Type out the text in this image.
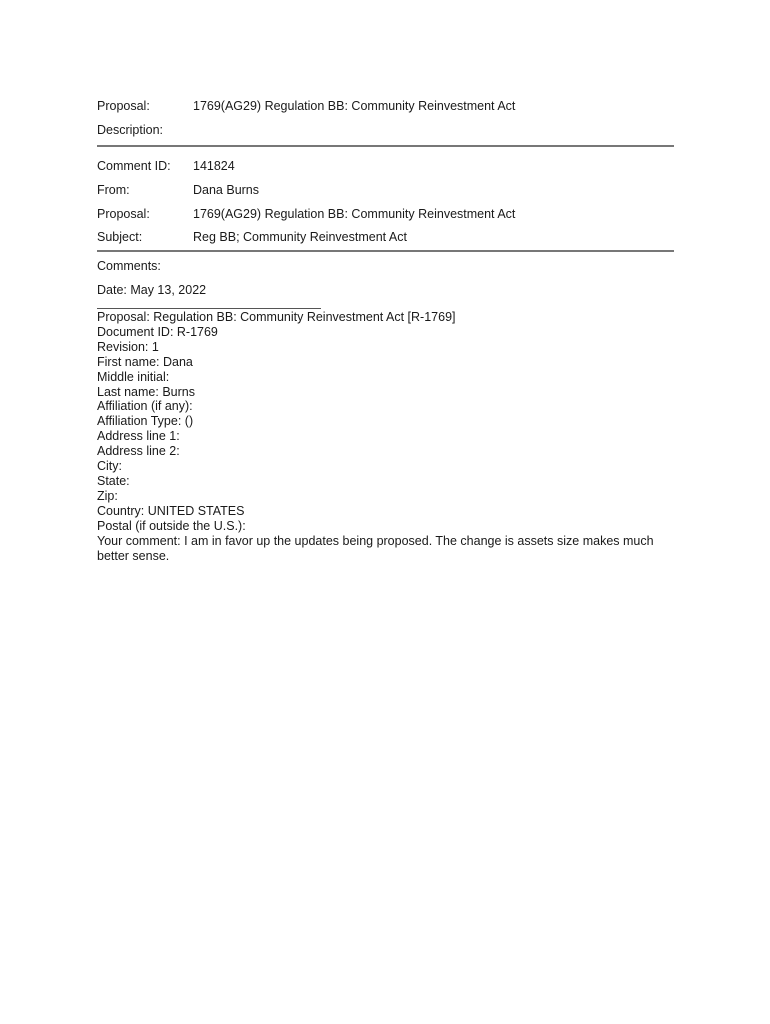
Proposal:	1769(AG29) Regulation BB: Community Reinvestment Act
Description:
Comment ID:	141824
From:	Dana Burns
Proposal:	1769(AG29) Regulation BB: Community Reinvestment Act
Subject:	Reg BB; Community Reinvestment Act
Comments:
Date: May 13, 2022
Proposal: Regulation BB: Community Reinvestment Act [R-1769]
Document ID: R-1769
Revision: 1
First name: Dana
Middle initial:
Last name: Burns
Affiliation (if any):
Affiliation Type: ()
Address line 1:
Address line 2:
City:
State:
Zip:
Country: UNITED STATES
Postal (if outside the U.S.):
Your comment: I am in favor up the updates being proposed. The change is assets size makes much better sense.
